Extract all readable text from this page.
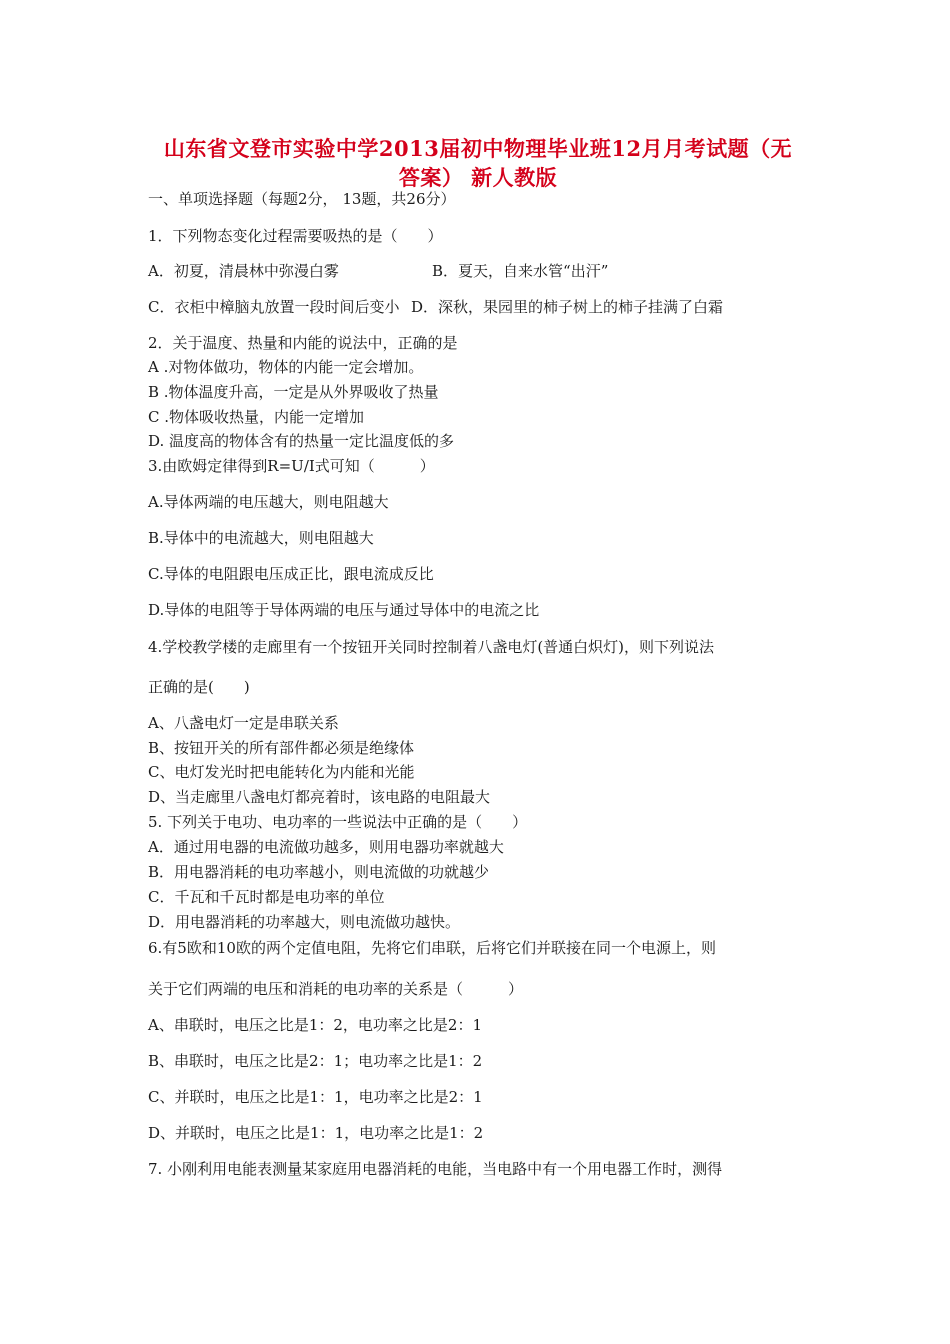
山东省文登市实验中学2013届初中物理毕业班12月月考试题（无
答案） 新人教版
一、单项选择题（每题2分， 13题，共26分）
1．下列物态变化过程需要吸热的是（　　）
A．初夏，清晨林中弥漫白雾	B．夏天，自来水管“出汗”
C．衣柜中樟脑丸放置一段时间后变小 D．深秋，果园里的柿子树上的柿子挂满了白霜
2．关于温度、热量和内能的说法中，正确的是
A .对物体做功，物体的内能一定会增加。
B .物体温度升高，一定是从外界吸收了热量
C .物体吸收热量，内能一定增加
D. 温度高的物体含有的热量一定比温度低的多
3.由欧姆定律得到R=U/I式可知（　　　）
A.导体两端的电压越大，则电阻越大
B.导体中的电流越大，则电阻越大
C.导体的电阻跟电压成正比，跟电流成反比
D.导体的电阻等于导体两端的电压与通过导体中的电流之比
4.学校教学楼的走廊里有一个按钮开关同时控制着八盏电灯(普通白炽灯)，则下列说法
正确的是(　　)
A、八盏电灯一定是串联关系
B、按钮开关的所有部件都必须是绝缘体
C、电灯发光时把电能转化为内能和光能
D、当走廊里八盏电灯都亮着时，该电路的电阻最大
5. 下列关于电功、电功率的一些说法中正确的是（　　）
A．通过用电器的电流做功越多，则用电器功率就越大
B．用电器消耗的电功率越小，则电流做的功就越少
C．千瓦和千瓦时都是电功率的单位
D．用电器消耗的功率越大，则电流做功越快。
6.有5欧和10欧的两个定值电阻，先将它们串联，后将它们并联接在同一个电源上，则
关于它们两端的电压和消耗的电功率的关系是（　　　）
A、串联时，电压之比是1：2，电功率之比是2：1
B、串联时，电压之比是2：1；电功率之比是1：2
C、并联时，电压之比是1：1，电功率之比是2：1
D、并联时，电压之比是1：1，电功率之比是1：2
7. 小刚利用电能表测量某家庭用电器消耗的电能，当电路中有一个用电器工作时，测得
